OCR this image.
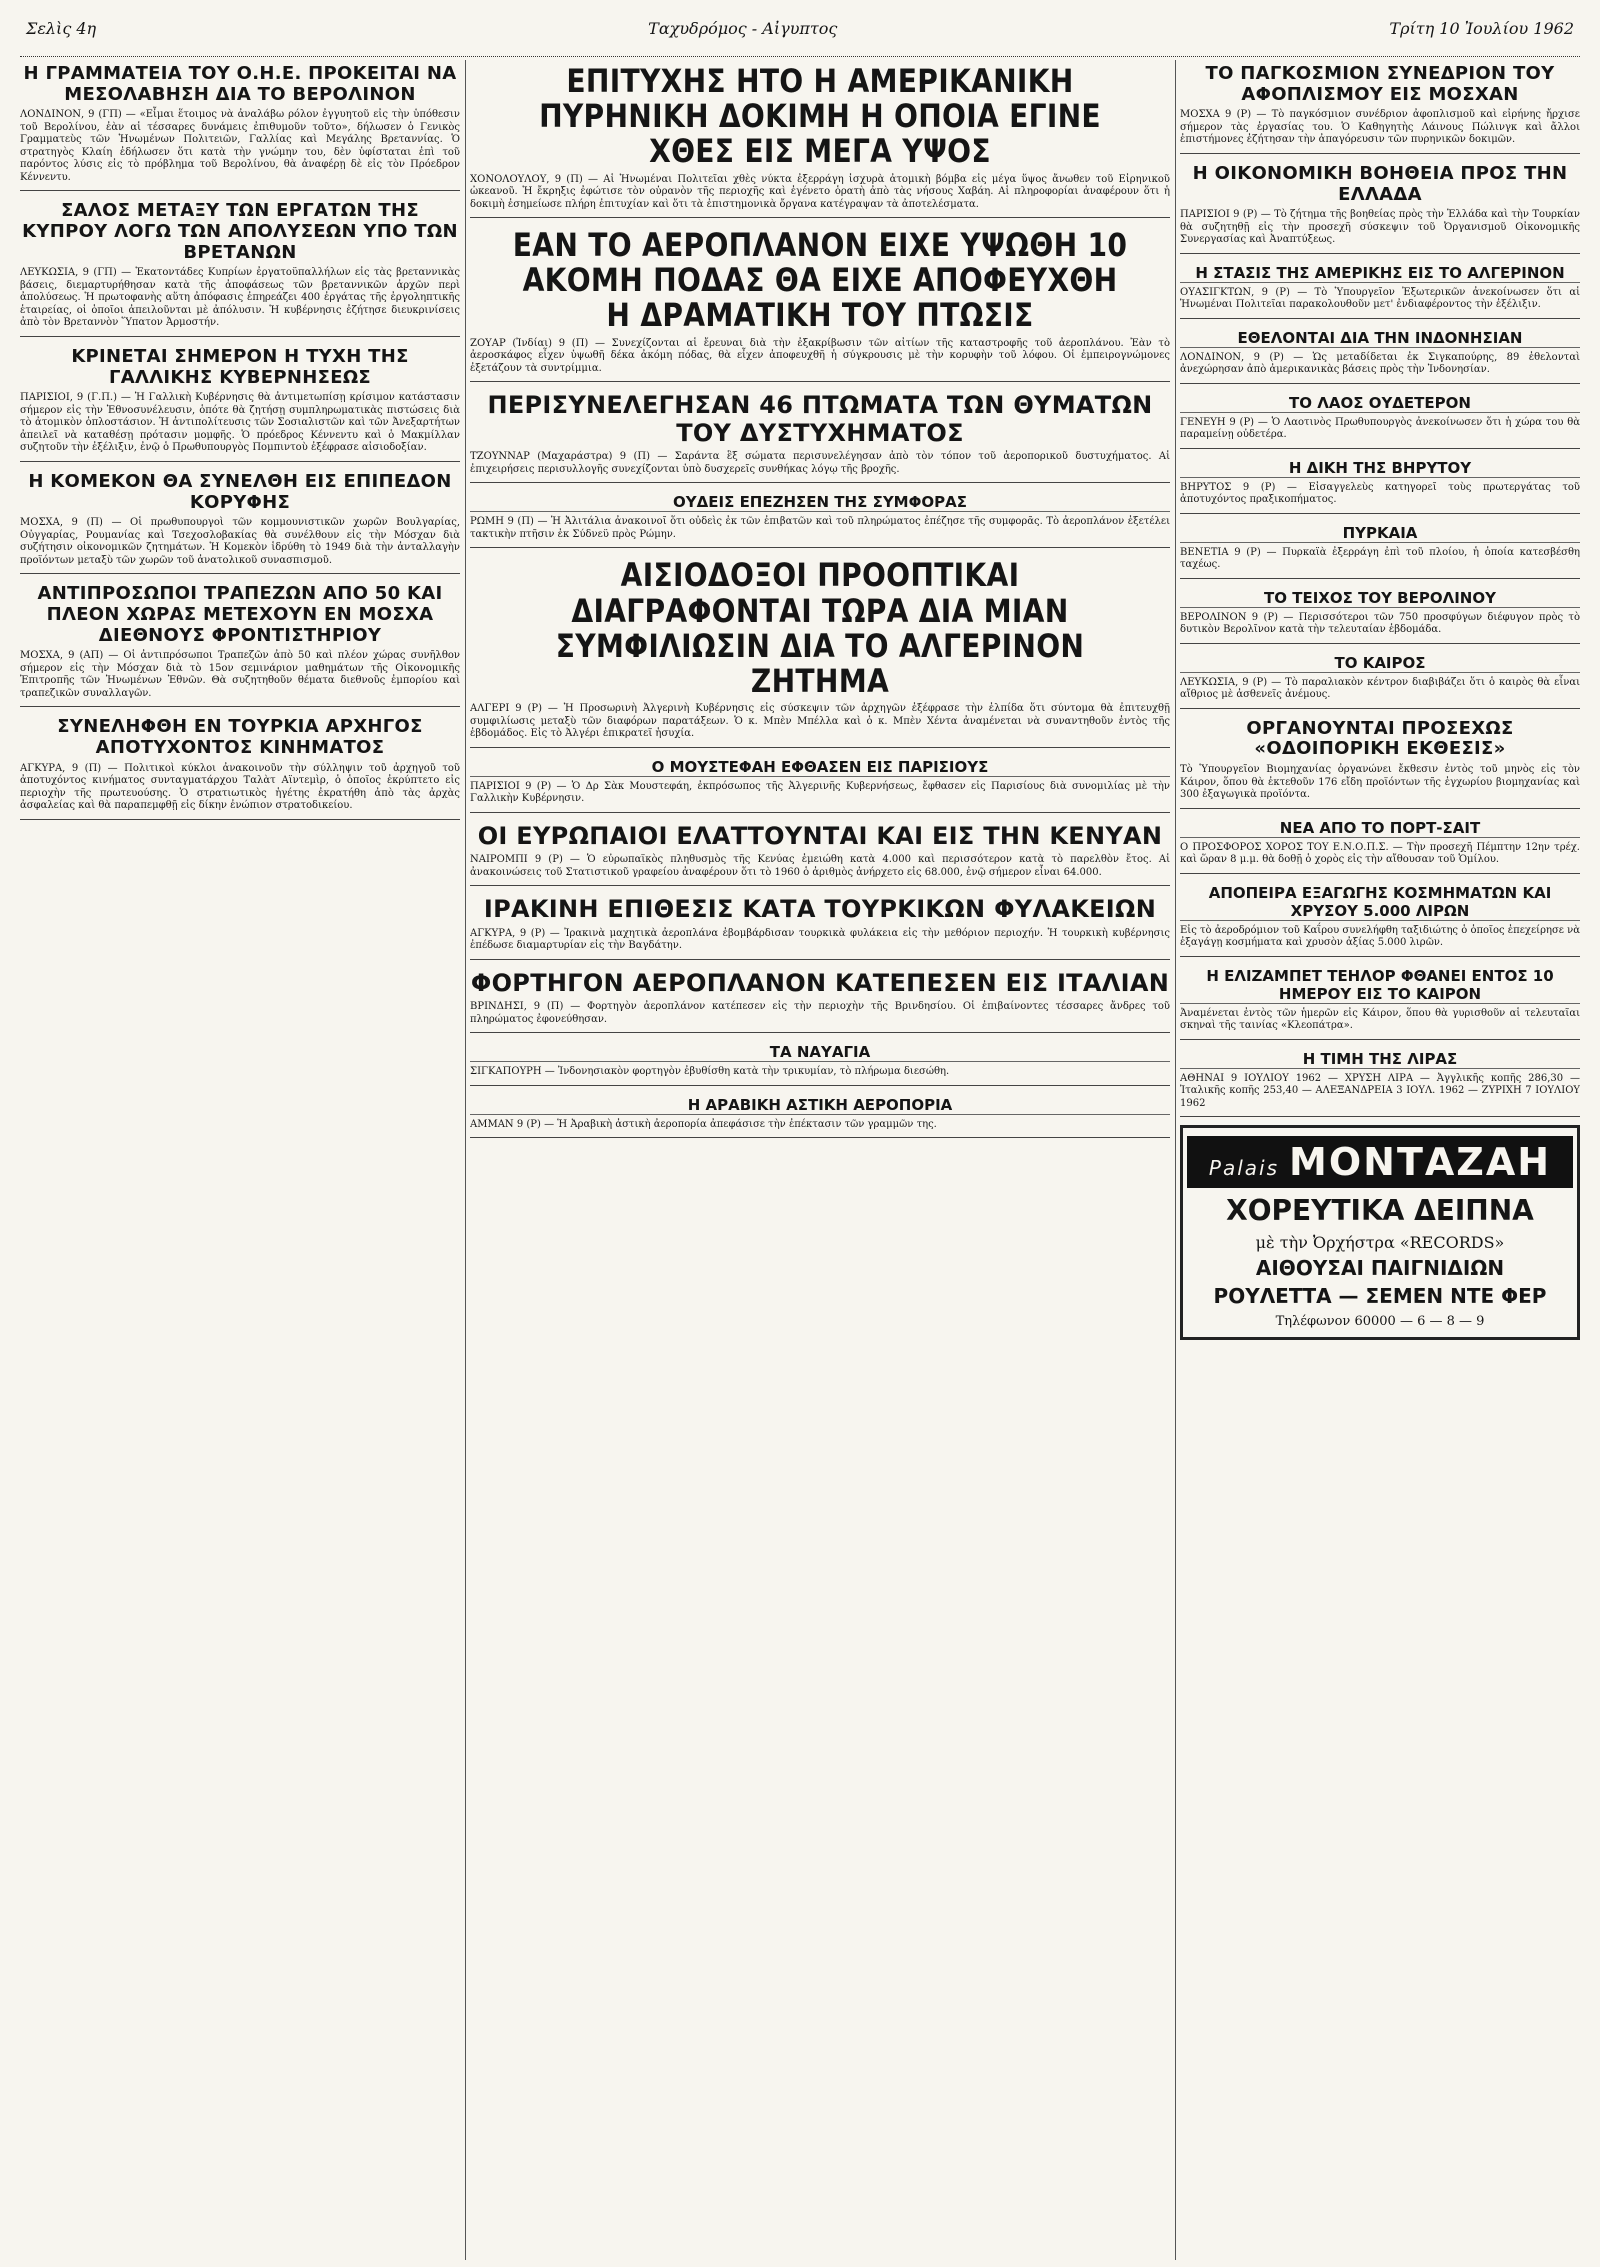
Σελὶς 4η	Ταχυδρόμος - Αἰγυπτος	Τρίτη 10 Ἰουλίου 1962
Η ΓΡΑΜΜΑΤΕΙΑ ΤΟΥ Ο.Η.Ε. ΠΡΟΚΕΙΤΑΙ ΝΑ ΜΕΣΟΛΑΒΗΣΗ ΔΙΑ ΤΟ ΒΕΡΟΛΙΝΟΝ

ΛΟΝΔΙΝΟΝ, 9 (ΓΠ) — «Εἶμαι ἕτοιμος νὰ ἀναλάβω ρόλον ἐγγυητοῦ εἰς τὴν ὑπόθεσιν τοῦ Βερολίνου, ἐὰν αἱ τέσσαρες δυνάμεις ἐπιθυμοῦν τοῦτο», δήλωσεν ὁ Γενικὸς Γραμματεὺς τῶν Ἡνωμένων Πολιτειῶν, Γαλλίας καὶ Μεγάλης Βρεταννίας. Ὁ στρατηγὸς Κλαίη ἐδήλωσεν ὅτι κατὰ τὴν γνώμην του, δὲν ὑφίσταται ἐπὶ τοῦ παρόντος λύσις εἰς τὸ πρόβλημα τοῦ Βερολίνου, θὰ ἀναφέρῃ δὲ εἰς τὸν Πρόεδρον Κέννεντυ.

ΣΑΛΟΣ ΜΕΤΑΞΥ ΤΩΝ ΕΡΓΑΤΩΝ ΤΗΣ ΚΥΠΡΟΥ ΛΟΓΩ ΤΩΝ ΑΠΟΛΥΣΕΩΝ ΥΠΟ ΤΩΝ ΒΡΕΤΑΝΩΝ

ΛΕΥΚΩΣΙΑ, 9 (ΓΠ) — Ἑκατοντάδες Κυπρίων ἐργατοϋπαλλήλων εἰς τὰς βρεταννικὰς βάσεις, διεμαρτυρήθησαν κατὰ τῆς ἀποφάσεως τῶν βρεταννικῶν ἀρχῶν περὶ ἀπολύσεως. Ἡ πρωτοφανὴς αὕτη ἀπόφασις ἐπηρεάζει 400 ἐργάτας τῆς ἐργοληπτικῆς ἑταιρείας, οἱ ὁποῖοι ἀπειλοῦνται μὲ ἀπόλυσιν. Ἡ κυβέρνησις ἐζήτησε διευκρινίσεις ἀπὸ τὸν Βρεταννὸν Ὕπατον Ἀρμοστήν.

ΚΡΙΝΕΤΑΙ ΣΗΜΕΡΟΝ Η ΤΥΧΗ ΤΗΣ ΓΑΛΛΙΚΗΣ ΚΥΒΕΡΝΗΣΕΩΣ

ΠΑΡΙΣΙΟΙ, 9 (Γ.Π.) — Ἡ Γαλλικὴ Κυβέρνησις θὰ ἀντιμετωπίσῃ κρίσιμον κατάστασιν σήμερον εἰς τὴν Ἐθνοσυνέλευσιν, ὁπότε θὰ ζητήσῃ συμπληρωματικὰς πιστώσεις διὰ τὸ ἀτομικὸν ὁπλοστάσιον. Ἡ ἀντιπολίτευσις τῶν Σοσιαλιστῶν καὶ τῶν Ἀνεξαρτήτων ἀπειλεῖ νὰ καταθέσῃ πρότασιν μομφῆς. Ὁ πρόεδρος Κέννεντυ καὶ ὁ Μακμίλλαν συζητοῦν τὴν ἐξέλιξιν, ἐνῷ ὁ Πρωθυπουργὸς Πομπιντοὺ ἐξέφρασε αἰσιοδοξίαν.

Η ΚΟΜΕΚΟΝ ΘΑ ΣΥΝΕΛΘΗ ΕΙΣ ΕΠΙΠΕΔΟΝ ΚΟΡΥΦΗΣ

ΜΟΣΧΑ, 9 (Π) — Οἱ πρωθυπουργοὶ τῶν κομμουνιστικῶν χωρῶν Βουλγαρίας, Οὐγγαρίας, Ρουμανίας καὶ Τσεχοσλοβακίας θὰ συνέλθουν εἰς τὴν Μόσχαν διὰ συζήτησιν οἰκονομικῶν ζητημάτων. Ἡ Κομεκὸν ἱδρύθη τὸ 1949 διὰ τὴν ἀνταλλαγὴν προϊόντων μεταξὺ τῶν χωρῶν τοῦ ἀνατολικοῦ συνασπισμοῦ.

ΑΝΤΙΠΡΟΣΩΠΟΙ ΤΡΑΠΕΖΩΝ ΑΠΟ 50 ΚΑΙ ΠΛΕΟΝ ΧΩΡΑΣ ΜΕΤΕΧΟΥΝ ΕΝ ΜΟΣΧΑ ΔΙΕΘΝΟΥΣ ΦΡΟΝΤΙΣΤΗΡΙΟΥ

ΜΟΣΧΑ, 9 (ΑΠ) — Οἱ ἀντιπρόσωποι Τραπεζῶν ἀπὸ 50 καὶ πλέον χώρας συνῆλθον σήμερον εἰς τὴν Μόσχαν διὰ τὸ 15ον σεμινάριον μαθημάτων τῆς Οἰκονομικῆς Ἐπιτροπῆς τῶν Ἡνωμένων Ἐθνῶν. Θὰ συζητηθοῦν θέματα διεθνοῦς ἐμπορίου καὶ τραπεζικῶν συναλλαγῶν.

ΣΥΝΕΛΗΦΘΗ ΕΝ ΤΟΥΡΚΙΑ ΑΡΧΗΓΟΣ ΑΠΟΤΥΧΟΝΤΟΣ ΚΙΝΗΜΑΤΟΣ

ΑΓΚΥΡΑ, 9 (Π) — Πολιτικοὶ κύκλοι ἀνακοινοῦν τὴν σύλληψιν τοῦ ἀρχηγοῦ τοῦ ἀποτυχόντος κινήματος συνταγματάρχου Ταλὰτ Αϊντεμὶρ, ὁ ὁποῖος ἐκρύπτετο εἰς περιοχὴν τῆς πρωτευούσης. Ὁ στρατιωτικὸς ἡγέτης ἐκρατήθη ἀπὸ τὰς ἀρχὰς ἀσφαλείας καὶ θὰ παραπεμφθῇ εἰς δίκην ἐνώπιον στρατοδικείου.

ΕΠΙΤΥΧΗΣ ΗΤΟ Η ΑΜΕΡΙΚΑΝΙΚΗ ΠΥΡΗΝΙΚΗ ΔΟΚΙΜΗ Η ΟΠΟΙΑ ΕΓΙΝΕ ΧΘΕΣ ΕΙΣ ΜΕΓΑ ΥΨΟΣ

ΧΟΝΟΛΟΥΛΟΥ, 9 (Π) — Αἱ Ἡνωμέναι Πολιτεῖαι χθὲς νύκτα ἐξερράγη ἰσχυρὰ ἀτομικὴ βόμβα εἰς μέγα ὕψος ἄνωθεν τοῦ Εἰρηνικοῦ ὠκεανοῦ. Ἡ ἔκρηξις ἐφώτισε τὸν οὐρανὸν τῆς περιοχῆς καὶ ἐγένετο ὁρατὴ ἀπὸ τὰς νήσους Χαβάη. Αἱ πληροφορίαι ἀναφέρουν ὅτι ἡ δοκιμὴ ἐσημείωσε πλήρη ἐπιτυχίαν καὶ ὅτι τὰ ἐπιστημονικὰ ὄργανα κατέγραψαν τὰ ἀποτελέσματα.

ΕΑΝ ΤΟ ΑΕΡΟΠΛΑΝΟΝ ΕΙΧΕ ΥΨΩΘΗ 10 ΑΚΟΜΗ ΠΟΔΑΣ ΘΑ ΕΙΧΕ ΑΠΟΦΕΥΧΘΗ Η ΔΡΑΜΑΤΙΚΗ ΤΟΥ ΠΤΩΣΙΣ

ΖΟΥΑΡ (Ἰνδίαι) 9 (Π) — Συνεχίζονται αἱ ἔρευναι διὰ τὴν ἐξακρίβωσιν τῶν αἰτίων τῆς καταστροφῆς τοῦ ἀεροπλάνου. Ἐὰν τὸ ἀεροσκάφος εἶχεν ὑψωθῆ δέκα ἀκόμη πόδας, θὰ εἶχεν ἀποφευχθῆ ἡ σύγκρουσις μὲ τὴν κορυφὴν τοῦ λόφου. Οἱ ἐμπειρογνώμονες ἐξετάζουν τὰ συντρίμμια.

ΠΕΡΙΣΥΝΕΛΕΓΗΣΑΝ 46 ΠΤΩΜΑΤΑ ΤΩΝ ΘΥΜΑΤΩΝ ΤΟΥ ΔΥΣΤΥΧΗΜΑΤΟΣ

ΤΖΟΥΝΝΑΡ (Μαχαράστρα) 9 (Π) — Σαράντα ἓξ σώματα περισυνελέγησαν ἀπὸ τὸν τόπον τοῦ ἀεροπορικοῦ δυστυχήματος. Αἱ ἐπιχειρήσεις περισυλλογῆς συνεχίζονται ὑπὸ δυσχερεῖς συνθήκας λόγῳ τῆς βροχῆς.

ΟΥΔΕΙΣ ΕΠΕΖΗΣΕΝ ΤΗΣ ΣΥΜΦΟΡΑΣ

ΡΩΜΗ 9 (Π) — Ἡ Ἀλιτάλια ἀνακοινοῖ ὅτι οὐδεὶς ἐκ τῶν ἐπιβατῶν καὶ τοῦ πληρώματος ἐπέζησε τῆς συμφορᾶς. Τὸ ἀεροπλάνον ἐξετέλει τακτικὴν πτῆσιν ἐκ Σύδνεϋ πρὸς Ρώμην.

ΑΙΣΙΟΔΟΞΟΙ ΠΡΟΟΠΤΙΚΑΙ ΔΙΑΓΡΑΦΟΝΤΑΙ ΤΩΡΑ ΔΙΑ ΜΙΑΝ ΣΥΜΦΙΛΙΩΣΙΝ ΔΙΑ ΤΟ ΑΛΓΕΡΙΝΟΝ ΖΗΤΗΜΑ

ΑΛΓΕΡΙ 9 (Ρ) — Ἡ Προσωρινὴ Ἀλγερινὴ Κυβέρνησις εἰς σύσκεψιν τῶν ἀρχηγῶν ἐξέφρασε τὴν ἐλπίδα ὅτι σύντομα θὰ ἐπιτευχθῇ συμφιλίωσις μεταξὺ τῶν διαφόρων παρατάξεων. Ὁ κ. Μπὲν Μπέλλα καὶ ὁ κ. Μπὲν Χέντα ἀναμένεται νὰ συναντηθοῦν ἐντὸς τῆς ἑβδομάδος. Εἰς τὸ Ἀλγέρι ἐπικρατεῖ ἡσυχία.

Ο ΜΟΥΣΤΕΦΑΗ ΕΦΘΑΣΕΝ ΕΙΣ ΠΑΡΙΣΙΟΥΣ

ΠΑΡΙΣΙΟΙ 9 (Ρ) — Ὁ Δρ Σὰκ Μουστεφάη, ἐκπρόσωπος τῆς Ἀλγερινῆς Κυβερνήσεως, ἔφθασεν εἰς Παρισίους διὰ συνομιλίας μὲ τὴν Γαλλικὴν Κυβέρνησιν.

ΟΙ ΕΥΡΩΠΑΙΟΙ ΕΛΑΤΤΟΥΝΤΑΙ ΚΑΙ ΕΙΣ ΤΗΝ ΚΕΝΥΑΝ

ΝΑΙΡΟΜΠΙ 9 (Ρ) — Ὁ εὐρωπαϊκὸς πληθυσμὸς τῆς Κενύας ἐμειώθη κατὰ 4.000 καὶ περισσότερον κατὰ τὸ παρελθὸν ἔτος. Αἱ ἀνακοινώσεις τοῦ Στατιστικοῦ γραφείου ἀναφέρουν ὅτι τὸ 1960 ὁ ἀριθμὸς ἀνήρχετο εἰς 68.000, ἐνῷ σήμερον εἶναι 64.000.

ΙΡΑΚΙΝΗ ΕΠΙΘΕΣΙΣ ΚΑΤΑ ΤΟΥΡΚΙΚΩΝ ΦΥΛΑΚΕΙΩΝ

ΑΓΚΥΡΑ, 9 (Ρ) — Ἰρακινὰ μαχητικὰ ἀεροπλάνα ἐβομβάρδισαν τουρκικὰ φυλάκεια εἰς τὴν μεθόριον περιοχήν. Ἡ τουρκικὴ κυβέρνησις ἐπέδωσε διαμαρτυρίαν εἰς τὴν Βαγδάτην.

ΦΟΡΤΗΓΟΝ ΑΕΡΟΠΛΑΝΟΝ ΚΑΤΕΠΕΣΕΝ ΕΙΣ ΙΤΑΛΙΑΝ

ΒΡΙΝΔΗΣΙ, 9 (Π) — Φορτηγὸν ἀεροπλάνον κατέπεσεν εἰς τὴν περιοχὴν τῆς Βρινδησίου. Οἱ ἐπιβαίνοντες τέσσαρες ἄνδρες τοῦ πληρώματος ἐφονεύθησαν.

ΤΑ ΝΑΥΑΓΙΑ

ΣΙΓΚΑΠΟΥΡΗ — Ἰνδονησιακὸν φορτηγὸν ἐβυθίσθη κατὰ τὴν τρικυμίαν, τὸ πλήρωμα διεσώθη.

Η ΑΡΑΒΙΚΗ ΑΣΤΙΚΗ ΑΕΡΟΠΟΡΙΑ

ΑΜΜΑΝ 9 (Ρ) — Ἡ Ἀραβικὴ ἀστικὴ ἀεροπορία ἀπεφάσισε τὴν ἐπέκτασιν τῶν γραμμῶν της.

ΤΟ ΠΑΓΚΟΣΜΙΟΝ ΣΥΝΕΔΡΙΟΝ ΤΟΥ ΑΦΟΠΛΙΣΜΟΥ ΕΙΣ ΜΟΣΧΑΝ

ΜΟΣΧΑ 9 (Ρ) — Τὸ παγκόσμιον συνέδριον ἀφοπλισμοῦ καὶ εἰρήνης ἤρχισε σήμερον τὰς ἐργασίας του. Ὁ Καθηγητὴς Λάινους Πώλινγκ καὶ ἄλλοι ἐπιστήμονες ἐζήτησαν τὴν ἀπαγόρευσιν τῶν πυρηνικῶν δοκιμῶν.

Η ΟΙΚΟΝΟΜΙΚΗ ΒΟΗΘΕΙΑ ΠΡΟΣ ΤΗΝ ΕΛΛΑΔΑ

ΠΑΡΙΣΙΟΙ 9 (Ρ) — Τὸ ζήτημα τῆς βοηθείας πρὸς τὴν Ἑλλάδα καὶ τὴν Τουρκίαν θὰ συζητηθῇ εἰς τὴν προσεχῆ σύσκεψιν τοῦ Ὀργανισμοῦ Οἰκονομικῆς Συνεργασίας καὶ Ἀναπτύξεως.

Η ΣΤΑΣΙΣ ΤΗΣ ΑΜΕΡΙΚΗΣ ΕΙΣ ΤΟ ΑΛΓΕΡΙΝΟΝ

ΟΥΑΣΙΓΚΤΩΝ, 9 (Ρ) — Τὸ Ὑπουργεῖον Ἐξωτερικῶν ἀνεκοίνωσεν ὅτι αἱ Ἡνωμέναι Πολιτεῖαι παρακολουθοῦν μετ' ἐνδιαφέροντος τὴν ἐξέλιξιν.

ΕΘΕΛΟΝΤΑΙ ΔΙΑ ΤΗΝ ΙΝΔΟΝΗΣΙΑΝ

ΛΟΝΔΙΝΟΝ, 9 (Ρ) — Ὡς μεταδίδεται ἐκ Σιγκαπούρης, 89 ἐθελονταὶ ἀνεχώρησαν ἀπὸ ἀμερικανικὰς βάσεις πρὸς τὴν Ἰνδονησίαν.

ΤΟ ΛΑΟΣ ΟΥΔΕΤΕΡΟΝ

ΓΕΝΕΥΗ 9 (Ρ) — Ὁ Λαοτινὸς Πρωθυπουργὸς ἀνεκοίνωσεν ὅτι ἡ χώρα του θὰ παραμείνῃ οὐδετέρα.

Η ΔΙΚΗ ΤΗΣ ΒΗΡΥΤΟΥ

ΒΗΡΥΤΟΣ 9 (Ρ) — Εἰσαγγελεὺς κατηγορεῖ τοὺς πρωτεργάτας τοῦ ἀποτυχόντος πραξικοπήματος.

ΠΥΡΚΑΙΑ

ΒΕΝΕΤΙΑ 9 (Ρ) — Πυρκαϊὰ ἐξερράγη ἐπὶ τοῦ πλοίου, ἡ ὁποία κατεσβέσθη ταχέως.

ΤΟ ΤΕΙΧΟΣ ΤΟΥ ΒΕΡΟΛΙΝΟΥ

ΒΕΡΟΛΙΝΟΝ 9 (Ρ) — Περισσότεροι τῶν 750 προσφύγων διέφυγον πρὸς τὸ δυτικὸν Βερολῖνον κατὰ τὴν τελευταίαν ἑβδομάδα.

ΤΟ ΚΑΙΡΟΣ

ΛΕΥΚΩΣΙΑ, 9 (Ρ) — Τὸ παραλιακὸν κέντρον διαβιβάζει ὅτι ὁ καιρὸς θὰ εἶναι αἴθριος μὲ ἀσθενεῖς ἀνέμους.

ΟΡΓΑΝΟΥΝΤΑΙ ΠΡΟΣΕΧΩΣ «ΟΔΟΙΠΟΡΙΚΗ ΕΚΘΕΣΙΣ»

Τὸ Ὑπουργεῖον Βιομηχανίας ὀργανώνει ἔκθεσιν ἐντὸς τοῦ μηνὸς εἰς τὸν Κάιρον, ὅπου θὰ ἐκτεθοῦν 176 εἴδη προϊόντων τῆς ἐγχωρίου βιομηχανίας καὶ 300 ἐξαγωγικὰ προϊόντα.

ΝΕΑ ΑΠΟ ΤΟ ΠΟΡΤ-ΣΑΙΤ

Ο ΠΡΟΣΦΟΡΟΣ ΧΟΡΟΣ ΤΟΥ Ε.Ν.Ο.Π.Σ. — Τὴν προσεχῆ Πέμπτην 12ην τρέχ. καὶ ὥραν 8 μ.μ. θὰ δοθῇ ὁ χορὸς εἰς τὴν αἴθουσαν τοῦ Ὁμίλου.

ΑΠΟΠΕΙΡΑ ΕΞΑΓΩΓΗΣ ΚΟΣΜΗΜΑΤΩΝ ΚΑΙ ΧΡΥΣΟΥ 5.000 ΛΙΡΩΝ

Εἰς τὸ ἀεροδρόμιον τοῦ Καΐρου συνελήφθη ταξιδιώτης ὁ ὁποῖος ἐπεχείρησε νὰ ἐξαγάγῃ κοσμήματα καὶ χρυσὸν ἀξίας 5.000 λιρῶν.

Η ΕΛΙΖΑΜΠΕΤ ΤΕΗΛΟΡ ΦΘΑΝΕΙ ΕΝΤΟΣ 10 ΗΜΕΡΟΥ ΕΙΣ ΤΟ ΚΑΙΡΟΝ

Ἀναμένεται ἐντὸς τῶν ἡμερῶν εἰς Κάιρον, ὅπου θὰ γυρισθοῦν αἱ τελευταῖαι σκηναὶ τῆς ταινίας «Κλεοπάτρα».

Η ΤΙΜΗ ΤΗΣ ΛΙΡΑΣ

ΑΘΗΝΑΙ 9 ΙΟΥΛΙΟΥ 1962 — ΧΡΥΣΗ ΛΙΡΑ — Ἀγγλικῆς κοπῆς 286,30 — Ἰταλικῆς κοπῆς 253,40 — ΑΛΕΞΑΝΔΡΕΙΑ 3 ΙΟΥΛ. 1962 — ΖΥΡΙΧΗ 7 ΙΟΥΛΙΟΥ 1962

Palais ΜΟΝΤΑΖΑΗ
ΧΟΡΕΥΤΙΚΑ ΔΕΙΠΝΑ
μὲ τὴν Ὀρχήστρα «RECORDS»
ΑΙΘΟΥΣΑΙ ΠΑΙΓΝΙΔΙΩΝ
ΡΟΥΛΕΤΤΑ — ΣΕΜΕΝ ΝΤΕ ΦΕΡ
Τηλέφωνον 60000 — 6 — 8 — 9
